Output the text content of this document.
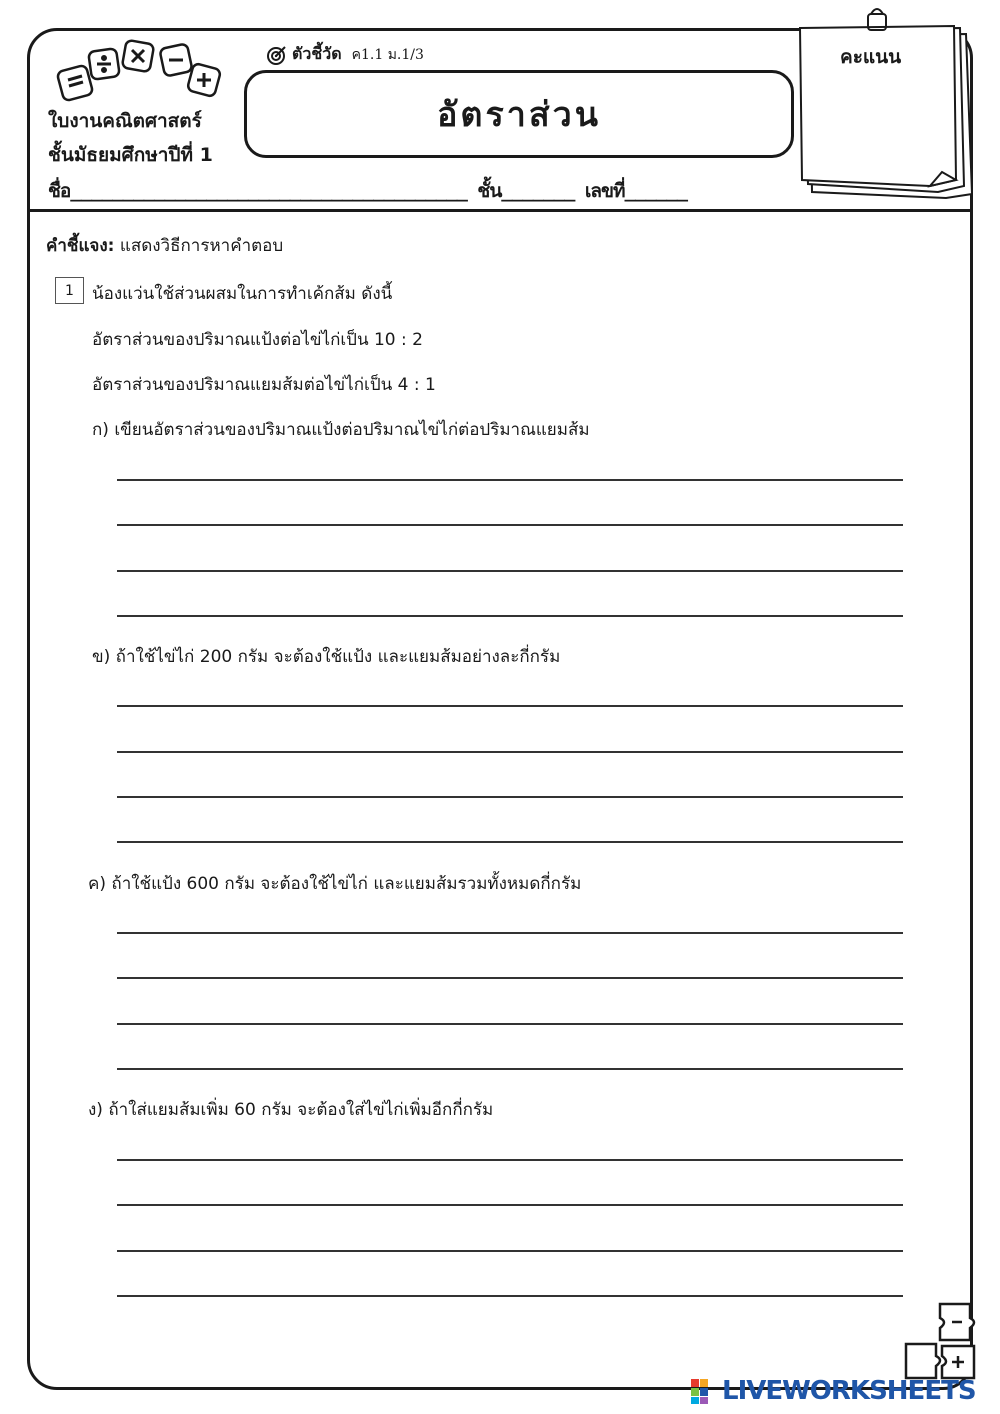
ใบงานคณิตศาสตร์
ชั้นมัธยมศึกษาปีที่ 1
ตัวชี้วัด ค1.1 ม.1/3
อัตราส่วน
ชื่อ______________________________________ ชั้น_______ เลขที่______
คะแนน
คำชี้แจง: แสดงวิธีการหาคำตอบ
1	น้องแว่นใช้ส่วนผสมในการทำเค้กส้ม ดังนี้
อัตราส่วนของปริมาณแป้งต่อไข่ไก่เป็น 10 : 2
อัตราส่วนของปริมาณแยมส้มต่อไข่ไก่เป็น 4 : 1
ก) เขียนอัตราส่วนของปริมาณแป้งต่อปริมาณไข่ไก่ต่อปริมาณแยมส้ม
ข) ถ้าใช้ไข่ไก่ 200 กรัม จะต้องใช้แป้ง และแยมส้มอย่างละกี่กรัม
ค) ถ้าใช้แป้ง 600 กรัม จะต้องใช้ไข่ไก่ และแยมส้มรวมทั้งหมดกี่กรัม
ง) ถ้าใส่แยมส้มเพิ่ม 60 กรัม จะต้องใส่ไข่ไก่เพิ่มอีกกี่กรัม
LIVEWORKSHEETS
